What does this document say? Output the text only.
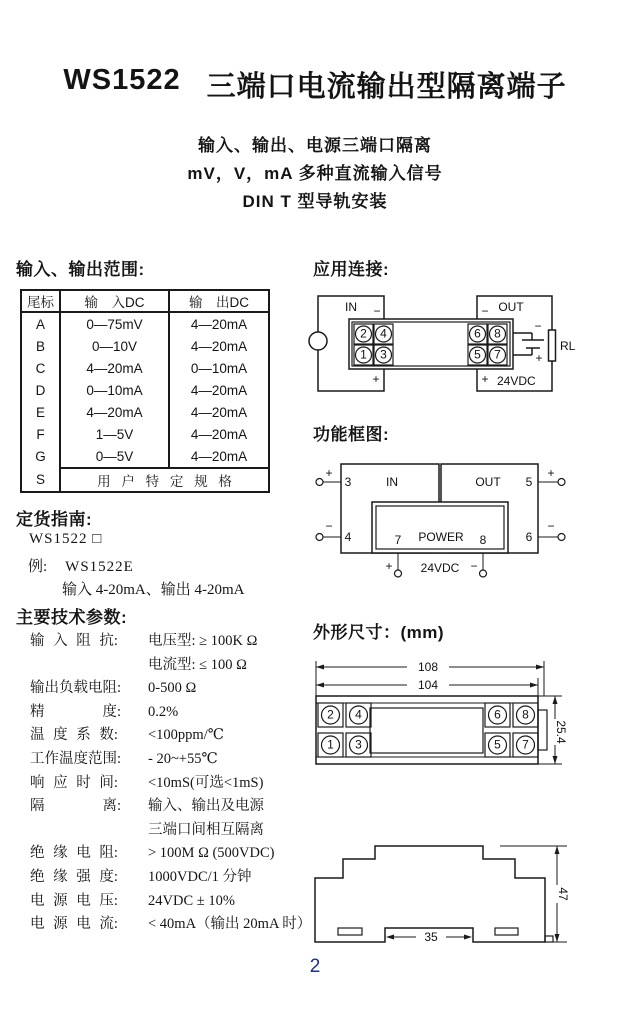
WS1522 三端口电流输出型隔离端子
输入、输出、电源三端口隔离
mV，V，mA 多种直流输入信号
DIN T 型导轨安装
输入、输出范围:
尾标	输　入DC	输　出DC
A	0—75mV	4—20mA
B	0—10V	4—20mA
C	4—20mA	0—10mA
D	0—10mA	4—20mA
E	4—20mA	4—20mA
F	1—5V	4—20mA
G	0—5V	4—20mA
S	用 户 特 定 规 格	
定货指南:
WS1522 □
例: WS1522E
输入 4-20mA、输出 4-20mA
主要技术参数:
输 入 阻 抗:	电压型: ≥ 100K Ω
电流型: ≤ 100 Ω
输出负载电阻:	0-500 Ω
精　　　　度:	0.2%
温 度 系 数:	<100ppm/℃
工作温度范围:	- 20~+55℃
响 应 时 间:	<10mS(可选<1mS)
隔　　　　离:	输入、输出及电源
三端口间相互隔离
绝 缘 电 阻:	> 100M Ω (500VDC)
绝 缘 强 度:	1000VDC/1 分钟
电 源 电 压:	24VDC ± 10%
电 源 电 流:	< 40mA（输出 20mA 时）
应用连接:
2 4
1 3
6 8
5 7
IN −
+
− OUT
+ 24VDC
−
+
RL
功能框图:
3	IN	OUT 5
4	6
7 POWER 8
+
−
+
−
+	−
24VDC
外形尺寸：(mm)
108
104
25.4
2 4	6 8
1 3	5 7
35
47
2
